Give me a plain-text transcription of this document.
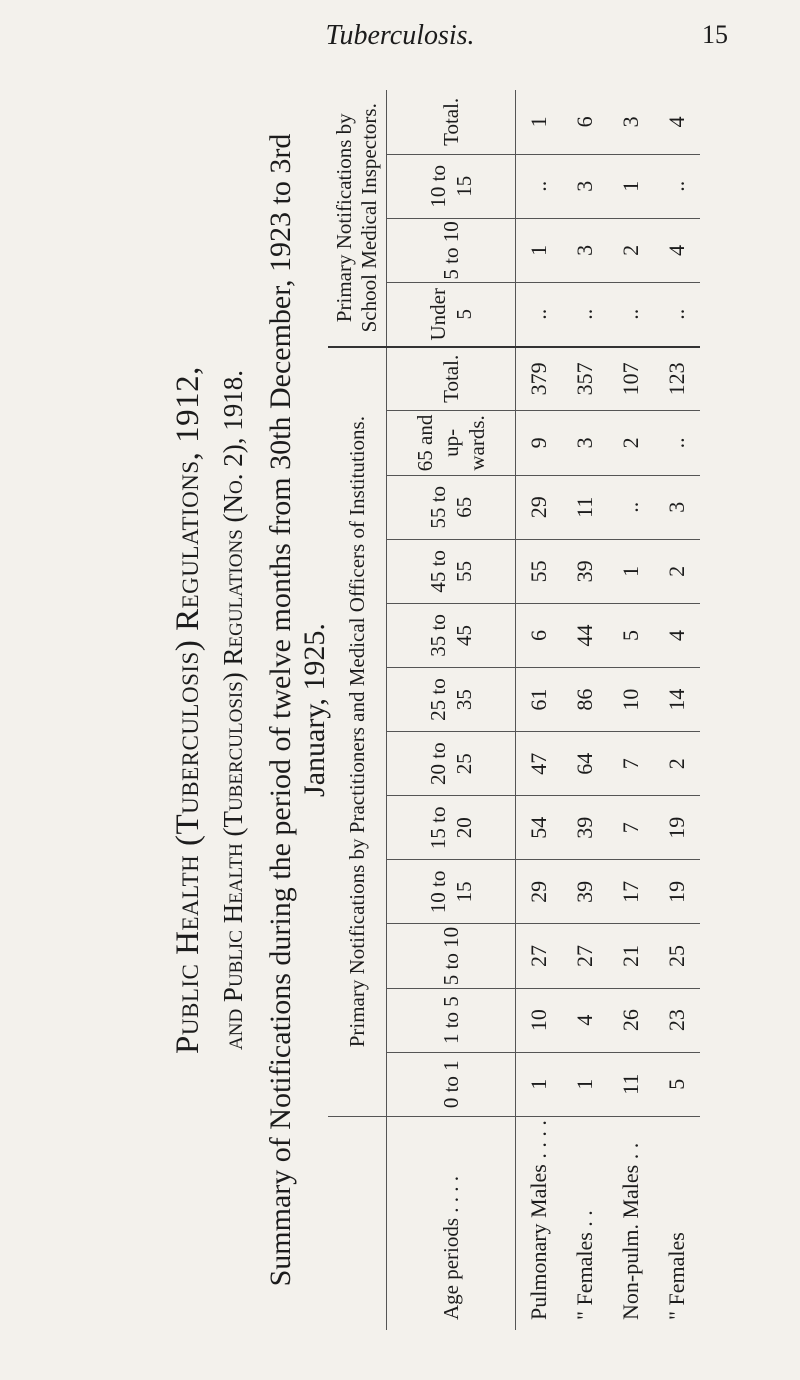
Tuberculosis.	15
Public Health (Tuberculosis) Regulations, 1912, and Public Health (Tuberculosis) Regulations (No. 2), 1918. Summary of Notifications during the period of twelve months from 30th December, 1923 to 3rd January, 1925.
	Primary Notifications by Practitioners and Medical Officers of Institutions.												Primary Notifications by School Medical Inspectors.			
Age periods . . . .	0 to 1	1 to 5	5 to 10	10 to 15	15 to 20	20 to 25	25 to 35	35 to 45	45 to 55	55 to 65	65 and up-wards.	Total.	Under 5	5 to 10	10 to 15	Total.
Pulmonary Males . . . .	1	10	27	29	54	47	61	6	55	29	9	379	..	1	..	1
" Females . .	1	4	27	39	39	64	86	44	39	11	3	357	..	3	3	6
Non-pulm. Males . .	11	26	21	17	7	7	10	5	1	..	2	107	..	2	1	3
" Females	5	23	25	19	19	2	14	4	2	3	..	123	..	4	..	4
